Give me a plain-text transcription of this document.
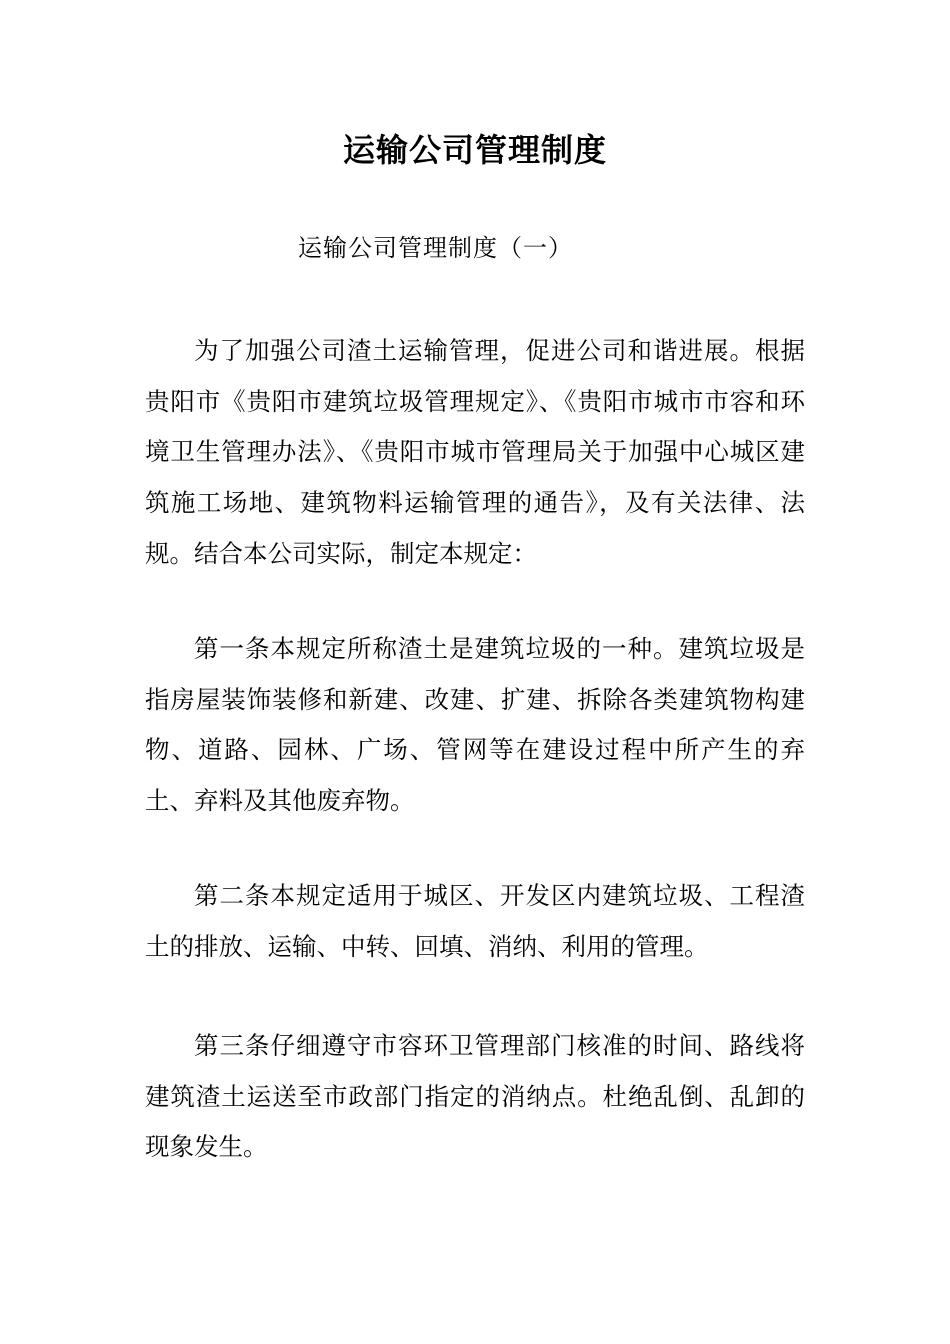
运输公司管理制度
运输公司管理制度（一）

为了加强公司渣土运输管理，促进公司和谐进展。根据贵阳市《贵阳市建筑垃圾管理规定》、《贵阳市城市市容和环境卫生管理办法》、《贵阳市城市管理局关于加强中心城区建筑施工场地、建筑物料运输管理的通告》，及有关法律、法规。结合本公司实际，制定本规定：

第一条本规定所称渣土是建筑垃圾的一种。建筑垃圾是指房屋装饰装修和新建、改建、扩建、拆除各类建筑物构建物、道路、园林、广场、管网等在建设过程中所产生的弃土、弃料及其他废弃物。

第二条本规定适用于城区、开发区内建筑垃圾、工程渣土的排放、运输、中转、回填、消纳、利用的管理。

第三条仔细遵守市容环卫管理部门核准的时间、路线将建筑渣土运送至市政部门指定的消纳点。杜绝乱倒、乱卸的现象发生。
